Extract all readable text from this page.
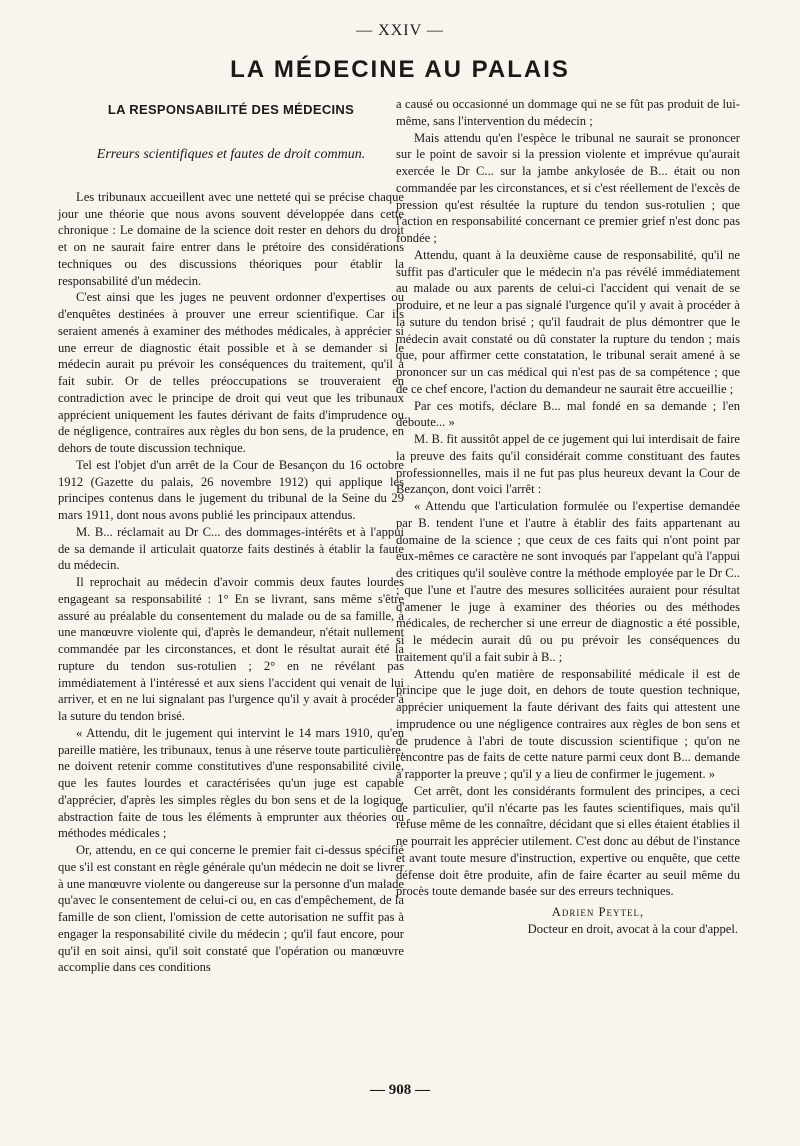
— XXIV —
LA MÉDECINE AU PALAIS
LA RESPONSABILITÉ DES MÉDECINS
Erreurs scientifiques et fautes de droit commun.

Les tribunaux accueillent avec une netteté qui se précise chaque jour une théorie que nous avons souvent développée dans cette chronique : Le domaine de la science doit rester en dehors du droit et on ne saurait faire entrer dans le prétoire des considérations techniques ou des discussions théoriques pour établir la responsabilité d'un médecin.

C'est ainsi que les juges ne peuvent ordonner d'expertises ou d'enquêtes destinées à prouver une erreur scientifique. Car ils seraient amenés à examiner des méthodes médicales, à apprécier si une erreur de diagnostic était possible et à se demander si le médecin aurait pu prévoir les conséquences du traitement, qu'il a fait subir. Or de telles préoccupations se trouveraient en contradiction avec le principe de droit qui veut que les tribunaux apprécient uniquement les fautes dérivant de faits d'imprudence ou de négligence, contraires aux règles du bon sens, de la prudence, en dehors de toute discussion technique.

Tel est l'objet d'un arrêt de la Cour de Besançon du 16 octobre 1912 (Gazette du palais, 26 novembre 1912) qui applique les principes contenus dans le jugement du tribunal de la Seine du 29 mars 1911, dont nous avons publié les principaux attendus.

M. B... réclamait au Dr C... des dommages-intérêts et à l'appui de sa demande il articulait quatorze faits destinés à établir la faute du médecin.

Il reprochait au médecin d'avoir commis deux fautes lourdes engageant sa responsabilité : 1° En se livrant, sans même s'être assuré au préalable du consentement du malade ou de sa famille, à une manœuvre violente qui, d'après le demandeur, n'était nullement commandée par les circonstances, et dont le résultat aurait été la rupture du tendon sus-rotulien ; 2° en ne révélant pas immédiatement à l'intéressé et aux siens l'accident qui venait de lui arriver, et en ne lui signalant pas l'urgence qu'il y avait à procéder à la suture du tendon brisé.

« Attendu, dit le jugement qui intervint le 14 mars 1910, qu'en pareille matière, les tribunaux, tenus à une réserve toute particulière, ne doivent retenir comme constitutives d'une responsabilité civile, que les fautes lourdes et caractérisées qu'un juge est capable d'apprécier, d'après les simples règles du bon sens et de la logique, abstraction faite de tous les éléments à emprunter aux théories ou méthodes médicales ;

Or, attendu, en ce qui concerne le premier fait ci-dessus spécifié que s'il est constant en règle générale qu'un médecin ne doit se livrer à une manœuvre violente ou dangereuse sur la personne d'un malade qu'avec le consentement de celui-ci ou, en cas d'empêchement, de la famille de son client, l'omission de cette autorisation ne suffit pas à engager la responsabilité civile du médecin ; qu'il faut encore, pour qu'il en soit ainsi, qu'il soit constaté que l'opération ou manœuvre accomplie dans ces conditions

a causé ou occasionné un dommage qui ne se fût pas produit de lui-même, sans l'intervention du médecin ;

Mais attendu qu'en l'espèce le tribunal ne saurait se prononcer sur le point de savoir si la pression violente et imprévue qu'aurait exercée le Dr C... sur la jambe ankylosée de B... était ou non commandée par les circonstances, et si c'est réellement de l'excès de pression qu'est résultée la rupture du tendon sus-rotulien ; que l'action en responsabilité concernant ce premier grief n'est donc pas fondée ;

Attendu, quant à la deuxième cause de responsabilité, qu'il ne suffit pas d'articuler que le médecin n'a pas révélé immédiatement au malade ou aux parents de celui-ci l'accident qui venait de se produire, et ne leur a pas signalé l'urgence qu'il y avait à procéder à la suture du tendon brisé ; qu'il faudrait de plus démontrer que le médecin avait constaté ou dû constater la rupture du tendon ; mais que, pour affirmer cette constatation, le tribunal serait amené à se prononcer sur un cas médical qui n'est pas de sa compétence ; que de ce chef encore, l'action du demandeur ne saurait être accueillie ;

Par ces motifs, déclare B... mal fondé en sa demande ; l'en déboute... »

M. B. fit aussitôt appel de ce jugement qui lui interdisait de faire la preuve des faits qu'il considérait comme constituant des fautes professionnelles, mais il ne fut pas plus heureux devant la Cour de Bezançon, dont voici l'arrêt :

« Attendu que l'articulation formulée ou l'expertise demandée par B. tendent l'une et l'autre à établir des faits appartenant au domaine de la science ; que ceux de ces faits qui n'ont point par eux-mêmes ce caractère ne sont invoqués par l'appelant qu'à l'appui des critiques qu'il soulève contre la méthode employée par le Dr C.. ; que l'une et l'autre des mesures sollicitées auraient pour résultat d'amener le juge à examiner des théories ou des méthodes médicales, de rechercher si une erreur de diagnostic a été possible, si le médecin aurait dû ou pu prévoir les conséquences du traitement qu'il a fait subir à B.. ;

Attendu qu'en matière de responsabilité médicale il est de principe que le juge doit, en dehors de toute question technique, apprécier uniquement la faute dérivant des faits qui attestent une imprudence ou une négligence contraires aux règles de bon sens et de prudence à l'abri de toute discussion scientifique ; qu'on ne rencontre pas de faits de cette nature parmi ceux dont B... demande à rapporter la preuve ; qu'il y a lieu de confirmer le jugement. »

Cet arrêt, dont les considérants formulent des principes, a ceci de particulier, qu'il n'écarte pas les fautes scientifiques, mais qu'il refuse même de les connaître, décidant que si elles étaient établies il ne pourrait les apprécier utilement. C'est donc au début de l'instance et avant toute mesure d'instruction, expertive ou enquête, que cette défense doit être produite, afin de faire écarter au seuil même du procès toute demande basée sur des erreurs techniques.

Adrien Peytel,
Docteur en droit, avocat à la cour d'appel.
— 908 —
